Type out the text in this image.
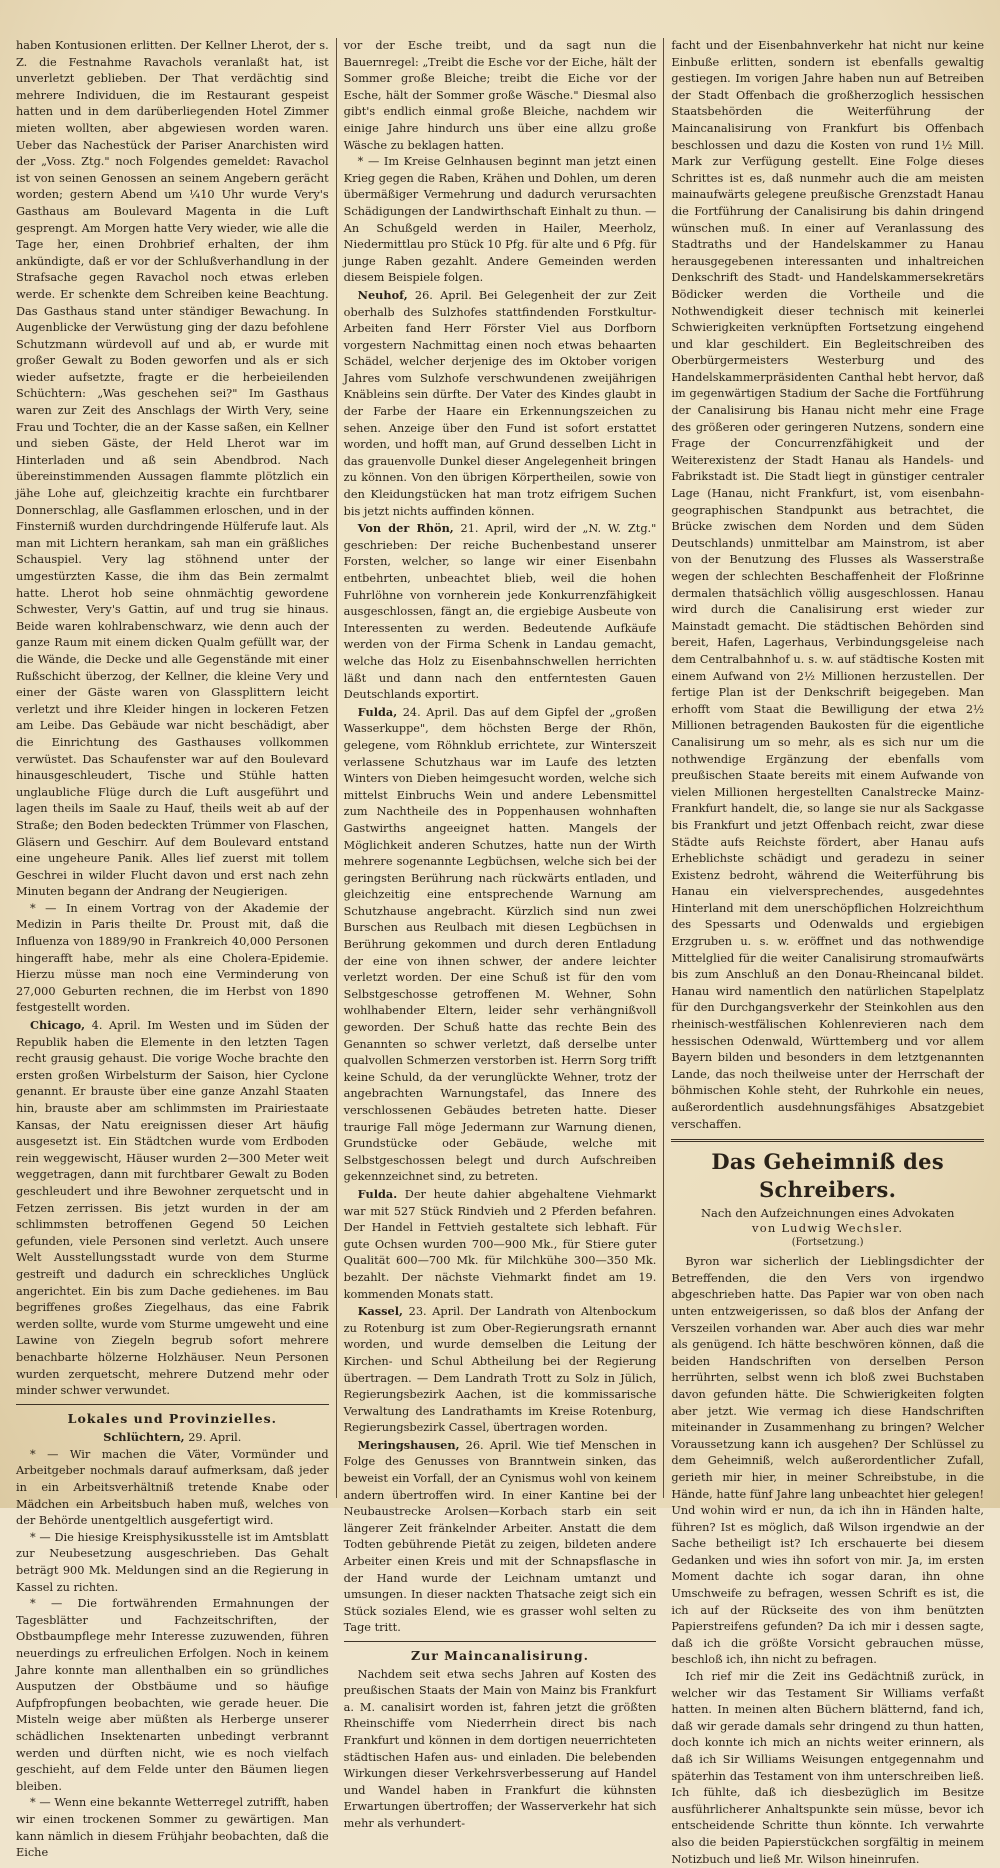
haben Kontusionen erlitten. Der Kellner Lherot, der s. Z. die Festnahme Ravachols veranlaßt hat, ist unverletzt geblieben. Der That verdächtig sind mehrere Individuen, die im Restaurant gespeist hatten und in dem darüberliegenden Hotel Zimmer mieten wollten, aber abgewiesen worden waren. Ueber das Nachestück der Pariser Anarchisten wird der „Voss. Ztg." noch Folgendes gemeldet: Ravachol ist von seinen Genossen an seinem Angebern gerächt worden; gestern Abend um ¼10 Uhr wurde Very's Gasthaus am Boulevard Magenta in die Luft gesprengt. Am Morgen hatte Very wieder, wie alle die Tage her, einen Drohbrief erhalten, der ihm ankündigte, daß er vor der Schlußverhandlung in der Strafsache gegen Ravachol noch etwas erleben werde. Er schenkte dem Schreiben keine Beachtung. Das Gasthaus stand unter ständiger Bewachung. In Augenblicke der Verwüstung ging der dazu befohlene Schutzmann würdevoll auf und ab, er wurde mit großer Gewalt zu Boden geworfen und als er sich wieder aufsetzte, fragte er die herbeieilenden Schüchtern: „Was geschehen sei?" Im Gasthaus waren zur Zeit des Anschlags der Wirth Very, seine Frau und Tochter, die an der Kasse saßen, ein Kellner und sieben Gäste, der Held Lherot war im Hinterladen und aß sein Abendbrod. Nach übereinstimmenden Aussagen flammte plötzlich ein jähe Lohe auf, gleichzeitig krachte ein furchtbarer Donnerschlag, alle Gasflammen erloschen, und in der Finsterniß wurden durchdringende Hülferufe laut. Als man mit Lichtern herankam, sah man ein gräßliches Schauspiel. Very lag stöhnend unter der umgestürzten Kasse, die ihm das Bein zermalmt hatte. Lherot hob seine ohnmächtig gewordene Schwester, Very's Gattin, auf und trug sie hinaus. Beide waren kohlrabenschwarz, wie denn auch der ganze Raum mit einem dicken Qualm gefüllt war, der die Wände, die Decke und alle Gegenstände mit einer Rußschicht überzog, der Kellner, die kleine Very und einer der Gäste waren von Glassplittern leicht verletzt und ihre Kleider hingen in lockeren Fetzen am Leibe. Das Gebäude war nicht beschädigt, aber die Einrichtung des Gasthauses vollkommen verwüstet. Das Schaufenster war auf den Boulevard hinausgeschleudert, Tische und Stühle hatten unglaubliche Flüge durch die Luft ausgeführt und lagen theils im Saale zu Hauf, theils weit ab auf der Straße; den Boden bedeckten Trümmer von Flaschen, Gläsern und Geschirr. Auf dem Boulevard entstand eine ungeheure Panik. Alles lief zuerst mit tollem Geschrei in wilder Flucht davon und erst nach zehn Minuten begann der Andrang der Neugierigen.
* — In einem Vortrag von der Akademie der Medizin in Paris theilte Dr. Proust mit, daß die Influenza von 1889/90 in Frankreich 40,000 Personen hingerafft habe, mehr als eine Cholera-Epidemie. Hierzu müsse man noch eine Verminderung von 27,000 Geburten rechnen, die im Herbst von 1890 festgestellt worden.
Chicago, 4. April. Im Westen und im Süden der Republik haben die Elemente in den letzten Tagen recht grausig gehaust. Die vorige Woche brachte den ersten großen Wirbelsturm der Saison, hier Cyclone genannt. Er brauste über eine ganze Anzahl Staaten hin, brauste aber am schlimmsten im Prairiestaate Kansas, der Natu ereignissen dieser Art häufig ausgesetzt ist. Ein Städtchen wurde vom Erdboden rein weggewischt, Häuser wurden 2—300 Meter weit weggetragen, dann mit furchtbarer Gewalt zu Boden geschleudert und ihre Bewohner zerquetscht und in Fetzen zerrissen. Bis jetzt wurden in der am schlimmsten betroffenen Gegend 50 Leichen gefunden, viele Personen sind verletzt. Auch unsere Welt Ausstellungsstadt wurde von dem Sturme gestreift und dadurch ein schreckliches Unglück angerichtet. Ein bis zum Dache gediehenes. im Bau begriffenes großes Ziegelhaus, das eine Fabrik werden sollte, wurde vom Sturme umgeweht und eine Lawine von Ziegeln begrub sofort mehrere benachbarte hölzerne Holzhäuser. Neun Personen wurden zerquetscht, mehrere Dutzend mehr oder minder schwer verwundet.
Lokales und Provinzielles.
Schlüchtern, 29. April.
* — Wir machen die Väter, Vormünder und Arbeitgeber nochmals darauf aufmerksam, daß jeder in ein Arbeitsverhältniß tretende Knabe oder Mädchen ein Arbeitsbuch haben muß, welches von der Behörde unentgeltlich ausgefertigt wird.
* — Die hiesige Kreisphysikusstelle ist im Amtsblatt zur Neubesetzung ausgeschrieben. Das Gehalt beträgt 900 Mk. Meldungen sind an die Regierung in Kassel zu richten.
* — Die fortwährenden Ermahnungen der Tagesblätter und Fachzeitschriften, der Obstbaumpflege mehr Interesse zuzuwenden, führen neuerdings zu erfreulichen Erfolgen. Noch in keinem Jahre konnte man allenthalben ein so gründliches Ausputzen der Obstbäume und so häufige Aufpfropfungen beobachten, wie gerade heuer. Die Misteln weige aber müßten als Herberge unserer schädlichen Insektenarten unbedingt verbrannt werden und dürften nicht, wie es noch vielfach geschieht, auf dem Felde unter den Bäumen liegen bleiben.
* — Wenn eine bekannte Wetterregel zutrifft, haben wir einen trockenen Sommer zu gewärtigen. Man kann nämlich in diesem Frühjahr beobachten, daß die Eiche
vor der Esche treibt, und da sagt nun die Bauernregel: „Treibt die Esche vor der Eiche, hält der Sommer große Bleiche; treibt die Eiche vor der Esche, hält der Sommer große Wäsche." Diesmal also gibt's endlich einmal große Bleiche, nachdem wir einige Jahre hindurch uns über eine allzu große Wäsche zu beklagen hatten.
* — Im Kreise Gelnhausen beginnt man jetzt einen Krieg gegen die Raben, Krähen und Dohlen, um deren übermäßiger Vermehrung und dadurch verursachten Schädigungen der Landwirthschaft Einhalt zu thun. — An Schußgeld werden in Hailer, Meerholz, Niedermittlau pro Stück 10 Pfg. für alte und 6 Pfg. für junge Raben gezahlt. Andere Gemeinden werden diesem Beispiele folgen.
Neuhof, 26. April. Bei Gelegenheit der zur Zeit oberhalb des Sulzhofes stattfindenden Forstkultur-Arbeiten fand Herr Förster Viel aus Dorfborn vorgestern Nachmittag einen noch etwas behaarten Schädel, welcher derjenige des im Oktober vorigen Jahres vom Sulzhofe verschwundenen zweijährigen Knäbleins sein dürfte. Der Vater des Kindes glaubt in der Farbe der Haare ein Erkennungszeichen zu sehen. Anzeige über den Fund ist sofort erstattet worden, und hofft man, auf Grund desselben Licht in das grauenvolle Dunkel dieser Angelegenheit bringen zu können. Von den übrigen Körpertheilen, sowie von den Kleidungstücken hat man trotz eifrigem Suchen bis jetzt nichts auffinden können.
Von der Rhön, 21. April, wird der „N. W. Ztg." geschrieben: Der reiche Buchenbestand unserer Forsten, welcher, so lange wir einer Eisenbahn entbehrten, unbeachtet blieb, weil die hohen Fuhrlöhne von vornherein jede Konkurrenzfähigkeit ausgeschlossen, fängt an, die ergiebige Ausbeute von Interessenten zu werden. Bedeutende Aufkäufe werden von der Firma Schenk in Landau gemacht, welche das Holz zu Eisenbahnschwellen herrichten läßt und dann nach den entferntesten Gauen Deutschlands exportirt.
Fulda, 24. April. Das auf dem Gipfel der „großen Wasserkuppe", dem höchsten Berge der Rhön, gelegene, vom Röhnklub errichtete, zur Winterszeit verlassene Schutzhaus war im Laufe des letzten Winters von Dieben heimgesucht worden, welche sich mittelst Einbruchs Wein und andere Lebensmittel zum Nachtheile des in Poppenhausen wohnhaften Gastwirths angeeignet hatten. Mangels der Möglichkeit anderen Schutzes, hatte nun der Wirth mehrere sogenannte Legbüchsen, welche sich bei der geringsten Berührung nach rückwärts entladen, und gleichzeitig eine entsprechende Warnung am Schutzhause angebracht. Kürzlich sind nun zwei Burschen aus Reulbach mit diesen Legbüchsen in Berührung gekommen und durch deren Entladung der eine von ihnen schwer, der andere leichter verletzt worden. Der eine Schuß ist für den vom Selbstgeschosse getroffenen M. Wehner, Sohn wohlhabender Eltern, leider sehr verhängnißvoll geworden. Der Schuß hatte das rechte Bein des Genannten so schwer verletzt, daß derselbe unter qualvollen Schmerzen verstorben ist. Herrn Sorg trifft keine Schuld, da der verunglückte Wehner, trotz der angebrachten Warnungstafel, das Innere des verschlossenen Gebäudes betreten hatte. Dieser traurige Fall möge Jedermann zur Warnung dienen, Grundstücke oder Gebäude, welche mit Selbstgeschossen belegt und durch Aufschreiben gekennzeichnet sind, zu betreten.
Fulda. Der heute dahier abgehaltene Viehmarkt war mit 527 Stück Rindvieh und 2 Pferden befahren. Der Handel in Fettvieh gestaltete sich lebhaft. Für gute Ochsen wurden 700—900 Mk., für Stiere guter Qualität 600—700 Mk. für Milchkühe 300—350 Mk. bezahlt. Der nächste Viehmarkt findet am 19. kommenden Monats statt.
Kassel, 23. April. Der Landrath von Altenbockum zu Rotenburg ist zum Ober-Regierungsrath ernannt worden, und wurde demselben die Leitung der Kirchen- und Schul Abtheilung bei der Regierung übertragen. — Dem Landrath Trott zu Solz in Jülich, Regierungsbezirk Aachen, ist die kommissarische Verwaltung des Landrathamts im Kreise Rotenburg, Regierungsbezirk Cassel, übertragen worden.
Meringshausen, 26. April. Wie tief Menschen in Folge des Genusses von Branntwein sinken, das beweist ein Vorfall, der an Cynismus wohl von keinem andern übertroffen wird. In einer Kantine bei der Neubaustrecke Arolsen—Korbach starb ein seit längerer Zeit fränkelnder Arbeiter. Anstatt die dem Todten gebührende Pietät zu zeigen, bildeten andere Arbeiter einen Kreis und mit der Schnapsflasche in der Hand wurde der Leichnam umtanzt und umsungen. In dieser nackten Thatsache zeigt sich ein Stück soziales Elend, wie es grasser wohl selten zu Tage tritt.
Zur Maincanalisirung.
Nachdem seit etwa sechs Jahren auf Kosten des preußischen Staats der Main von Mainz bis Frankfurt a. M. canalisirt worden ist, fahren jetzt die größten Rheinschiffe vom Niederrhein direct bis nach Frankfurt und können in dem dortigen neuerrichteten städtischen Hafen aus- und einladen. Die belebenden Wirkungen dieser Verkehrsverbesserung auf Handel und Wandel haben in Frankfurt die kühnsten Erwartungen übertroffen; der Wasserverkehr hat sich mehr als verhundert-
facht und der Eisenbahnverkehr hat nicht nur keine Einbuße erlitten, sondern ist ebenfalls gewaltig gestiegen. Im vorigen Jahre haben nun auf Betreiben der Stadt Offenbach die großherzoglich hessischen Staatsbehörden die Weiterführung der Maincanalisirung von Frankfurt bis Offenbach beschlossen und dazu die Kosten von rund 1½ Mill. Mark zur Verfügung gestellt. Eine Folge dieses Schrittes ist es, daß nunmehr auch die am meisten mainaufwärts gelegene preußische Grenzstadt Hanau die Fortführung der Canalisirung bis dahin dringend wünschen muß. In einer auf Veranlassung des Stadtraths und der Handelskammer zu Hanau herausgegebenen interessanten und inhaltreichen Denkschrift des Stadt- und Handelskammersekretärs Bödicker werden die Vortheile und die Nothwendigkeit dieser technisch mit keinerlei Schwierigkeiten verknüpften Fortsetzung eingehend und klar geschildert. Ein Begleitschreiben des Oberbürgermeisters Westerburg und des Handelskammerpräsidenten Canthal hebt hervor, daß im gegenwärtigen Stadium der Sache die Fortführung der Canalisirung bis Hanau nicht mehr eine Frage des größeren oder geringeren Nutzens, sondern eine Frage der Concurrenzfähigkeit und der Weiterexistenz der Stadt Hanau als Handels- und Fabrikstadt ist. Die Stadt liegt in günstiger centraler Lage (Hanau, nicht Frankfurt, ist, vom eisenbahn-geographischen Standpunkt aus betrachtet, die Brücke zwischen dem Norden und dem Süden Deutschlands) unmittelbar am Mainstrom, ist aber von der Benutzung des Flusses als Wasserstraße wegen der schlechten Beschaffenheit der Floßrinne dermalen thatsächlich völlig ausgeschlossen. Hanau wird durch die Canalisirung erst wieder zur Mainstadt gemacht. Die städtischen Behörden sind bereit, Hafen, Lagerhaus, Verbindungsgeleise nach dem Centralbahnhof u. s. w. auf städtische Kosten mit einem Aufwand von 2½ Millionen herzustellen. Der fertige Plan ist der Denkschrift beigegeben. Man erhofft vom Staat die Bewilligung der etwa 2½ Millionen betragenden Baukosten für die eigentliche Canalisirung um so mehr, als es sich nur um die nothwendige Ergänzung der ebenfalls vom preußischen Staate bereits mit einem Aufwande von vielen Millionen hergestellten Canalstrecke Mainz-Frankfurt handelt, die, so lange sie nur als Sackgasse bis Frankfurt und jetzt Offenbach reicht, zwar diese Städte aufs Reichste fördert, aber Hanau aufs Erheblichste schädigt und geradezu in seiner Existenz bedroht, während die Weiterführung bis Hanau ein vielversprechendes, ausgedehntes Hinterland mit dem unerschöpflichen Holzreichthum des Spessarts und Odenwalds und ergiebigen Erzgruben u. s. w. eröffnet und das nothwendige Mittelglied für die weiter Canalisirung stromaufwärts bis zum Anschluß an den Donau-Rheincanal bildet. Hanau wird namentlich den natürlichen Stapelplatz für den Durchgangsverkehr der Steinkohlen aus den rheinisch-westfälischen Kohlenrevieren nach dem hessischen Odenwald, Württemberg und vor allem Bayern bilden und besonders in dem letztgenannten Lande, das noch theilweise unter der Herrschaft der böhmischen Kohle steht, der Ruhrkohle ein neues, außerordentlich ausdehnungsfähiges Absatzgebiet verschaffen.
Das Geheimniß des Schreibers.
Nach den Aufzeichnungen eines Advokaten
von Ludwig Wechsler.
(Fortsetzung.)
Byron war sicherlich der Lieblingsdichter der Betreffenden, die den Vers von irgendwo abgeschrieben hatte. Das Papier war von oben nach unten entzweigerissen, so daß blos der Anfang der Verszeilen vorhanden war. Aber auch dies war mehr als genügend. Ich hätte beschwören können, daß die beiden Handschriften von derselben Person herrührten, selbst wenn ich bloß zwei Buchstaben davon gefunden hätte. Die Schwierigkeiten folgten aber jetzt. Wie vermag ich diese Handschriften miteinander in Zusammenhang zu bringen? Welcher Voraussetzung kann ich ausgehen? Der Schlüssel zu dem Geheimniß, welch außerordentlicher Zufall, gerieth mir hier, in meiner Schreibstube, in die Hände, hatte fünf Jahre lang unbeachtet hier gelegen! Und wohin wird er nun, da ich ihn in Händen halte, führen? Ist es möglich, daß Wilson irgendwie an der Sache betheiligt ist? Ich erschauerte bei diesem Gedanken und wies ihn sofort von mir. Ja, im ersten Moment dachte ich sogar daran, ihn ohne Umschweife zu befragen, wessen Schrift es ist, die ich auf der Rückseite des von ihm benützten Papierstreifens gefunden? Da ich mir i dessen sagte, daß ich die größte Vorsicht gebrauchen müsse, beschloß ich, ihn nicht zu befragen.
Ich rief mir die Zeit ins Gedächtniß zurück, in welcher wir das Testament Sir Williams verfaßt hatten. In meinen alten Büchern blätternd, fand ich, daß wir gerade damals sehr dringend zu thun hatten, doch konnte ich mich an nichts weiter erinnern, als daß ich Sir Williams Weisungen entgegennahm und späterhin das Testament von ihm unterschreiben ließ. Ich fühlte, daß ich diesbezüglich im Besitze ausführlicherer Anhaltspunkte sein müsse, bevor ich entscheidende Schritte thun könnte. Ich verwahrte also die beiden Papierstückchen sorgfältig in meinem Notizbuch und ließ Mr. Wilson hineinrufen.
